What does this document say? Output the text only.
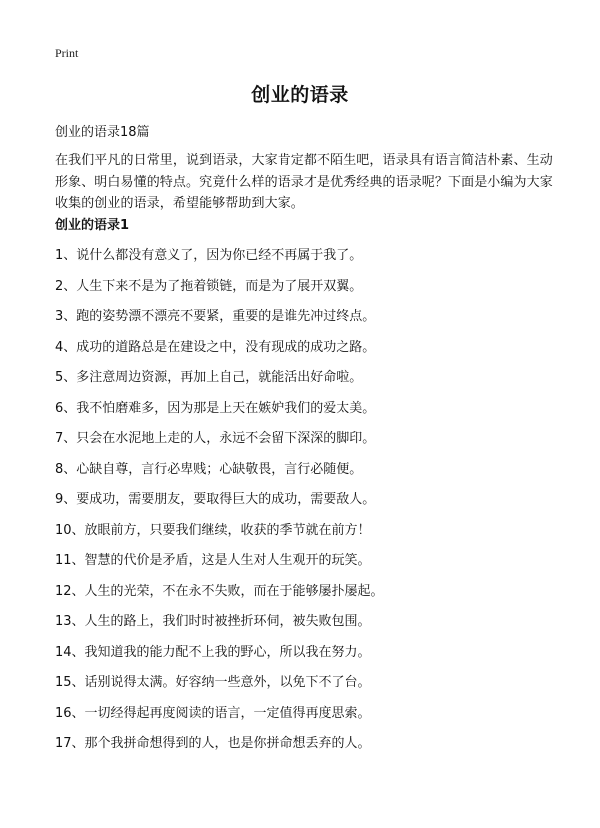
Print
创业的语录

创业的语录18篇

在我们平凡的日常里，说到语录，大家肯定都不陌生吧，语录具有语言简洁朴素、生动形象、明白易懂的特点。究竟什么样的语录才是优秀经典的语录呢？下面是小编为大家收集的创业的语录，希望能够帮助到大家。

创业的语录1
1、说什么都没有意义了，因为你已经不再属于我了。
2、人生下来不是为了拖着锁链，而是为了展开双翼。
3、跑的姿势漂不漂亮不要紧，重要的是谁先冲过终点。
4、成功的道路总是在建设之中，没有现成的成功之路。
5、多注意周边资源，再加上自己，就能活出好命啦。
6、我不怕磨难多，因为那是上天在嫉妒我们的爱太美。
7、只会在水泥地上走的人，永远不会留下深深的脚印。
8、心缺自尊，言行必卑贱；心缺敬畏，言行必随便。
9、要成功，需要朋友，要取得巨大的成功，需要敌人。
10、放眼前方，只要我们继续，收获的季节就在前方！
11、智慧的代价是矛盾，这是人生对人生观开的玩笑。
12、人生的光荣，不在永不失败，而在于能够屡扑屡起。
13、人生的路上，我们时时被挫折环伺，被失败包围。
14、我知道我的能力配不上我的野心，所以我在努力。
15、话别说得太满。好容纳一些意外，以免下不了台。
16、一切经得起再度阅读的语言，一定值得再度思索。
17、那个我拼命想得到的人，也是你拼命想丢弃的人。
